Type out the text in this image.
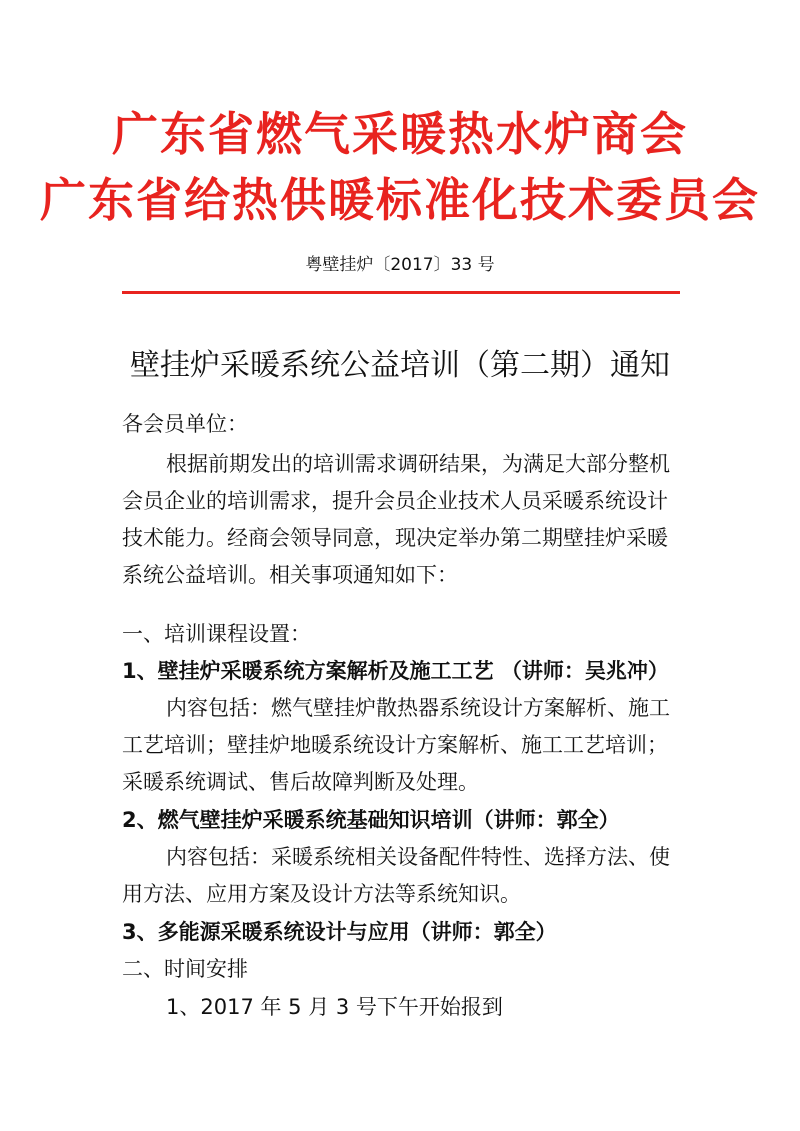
广东省燃气采暖热水炉商会
广东省给热供暖标准化技术委员会
粤壁挂炉〔2017〕33 号
壁挂炉采暖系统公益培训（第二期）通知
各会员单位：
根据前期发出的培训需求调研结果，为满足大部分整机
会员企业的培训需求，提升会员企业技术人员采暖系统设计
技术能力。经商会领导同意，现决定举办第二期壁挂炉采暖
系统公益培训。相关事项通知如下：
一、培训课程设置：
1、壁挂炉采暖系统方案解析及施工工艺 （讲师：吴兆冲）
内容包括：燃气壁挂炉散热器系统设计方案解析、施工
工艺培训；壁挂炉地暖系统设计方案解析、施工工艺培训；
采暖系统调试、售后故障判断及处理。
2、燃气壁挂炉采暖系统基础知识培训（讲师：郭全）
内容包括：采暖系统相关设备配件特性、选择方法、使
用方法、应用方案及设计方法等系统知识。
3、多能源采暖系统设计与应用（讲师：郭全）
二、时间安排
1、2017 年 5 月 3 号下午开始报到
